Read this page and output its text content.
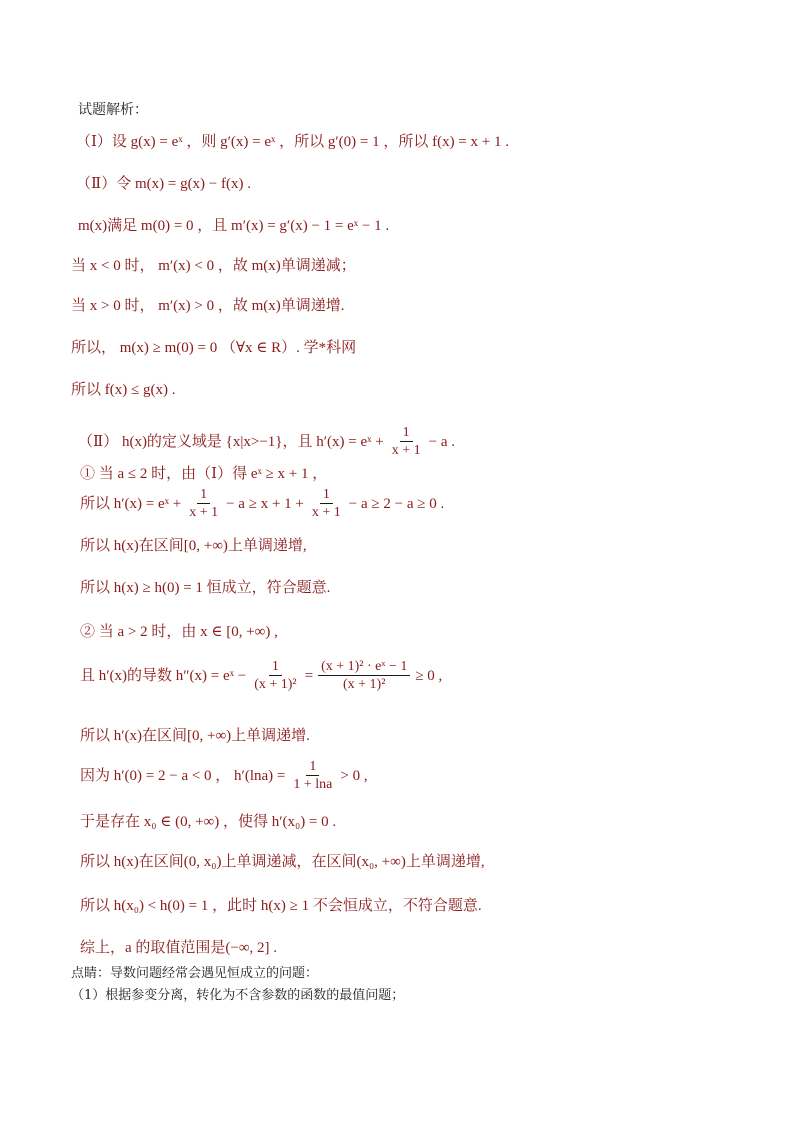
试题解析：
（Ⅰ）设 g(x) = eˣ ，则 g′(x) = eˣ ，所以 g′(0) = 1 ，所以 f(x) = x + 1 .
（Ⅱ）令 m(x) = g(x) − f(x) .
m(x)满足 m(0) = 0 ，且 m′(x) = g′(x) − 1 = eˣ − 1 .
当 x < 0 时， m′(x) < 0 ，故 m(x)单调递减；
当 x > 0 时， m′(x) > 0 ，故 m(x)单调递增.
所以， m(x) ≥ m(0) = 0 （∀x ∈ R）. 学*科网
所以 f(x) ≤ g(x) .
（Ⅱ） h(x)的定义域是 {x|x>−1}，且 h′(x) = eˣ + $\frac{1}{x + 1} - a$ .
① 当 a ≤ 2 时，由（Ⅰ）得 eˣ ≥ x + 1 ，
所以 h′(x) = eˣ + $\frac{1}{x + 1} - a \ge x + 1 + \frac{1}{x + 1} - a \ge 2 - a \ge 0$ .
所以 h(x)在区间[0, +∞)上单调递增,
所以 h(x) ≥ h(0) = 1 恒成立，符合题意.
② 当 a > 2 时，由 x ∈ [0, +∞) ,
且 h′(x)的导数 h″(x) = eˣ − $\frac{1}{\text{(x + 1)²}} = \frac{\text{(x + 1)² · eˣ − 1}}{\text{(x + 1)²}} \ge 0$ ,
所以 h′(x)在区间[0, +∞)上单调递增.
因为 h′(0) = 2 − a < 0 ， $h'(\ln a) = \frac{1}{1 + \ln a} > 0$ ,
于是存在 x₀ ∈ (0, +∞) ，使得 h′(x₀) = 0 .
所以 h(x)在区间(0, x₀)上单调递减，在区间(x₀, +∞)上单调递增,
所以 h(x₀) < h(0) = 1 ，此时 h(x) ≥ 1 不会恒成立，不符合题意.
综上，a 的取值范围是(−∞, 2] .
点睛：导数问题经常会遇见恒成立的问题：
（1）根据参变分离，转化为不含参数的函数的最值问题；
